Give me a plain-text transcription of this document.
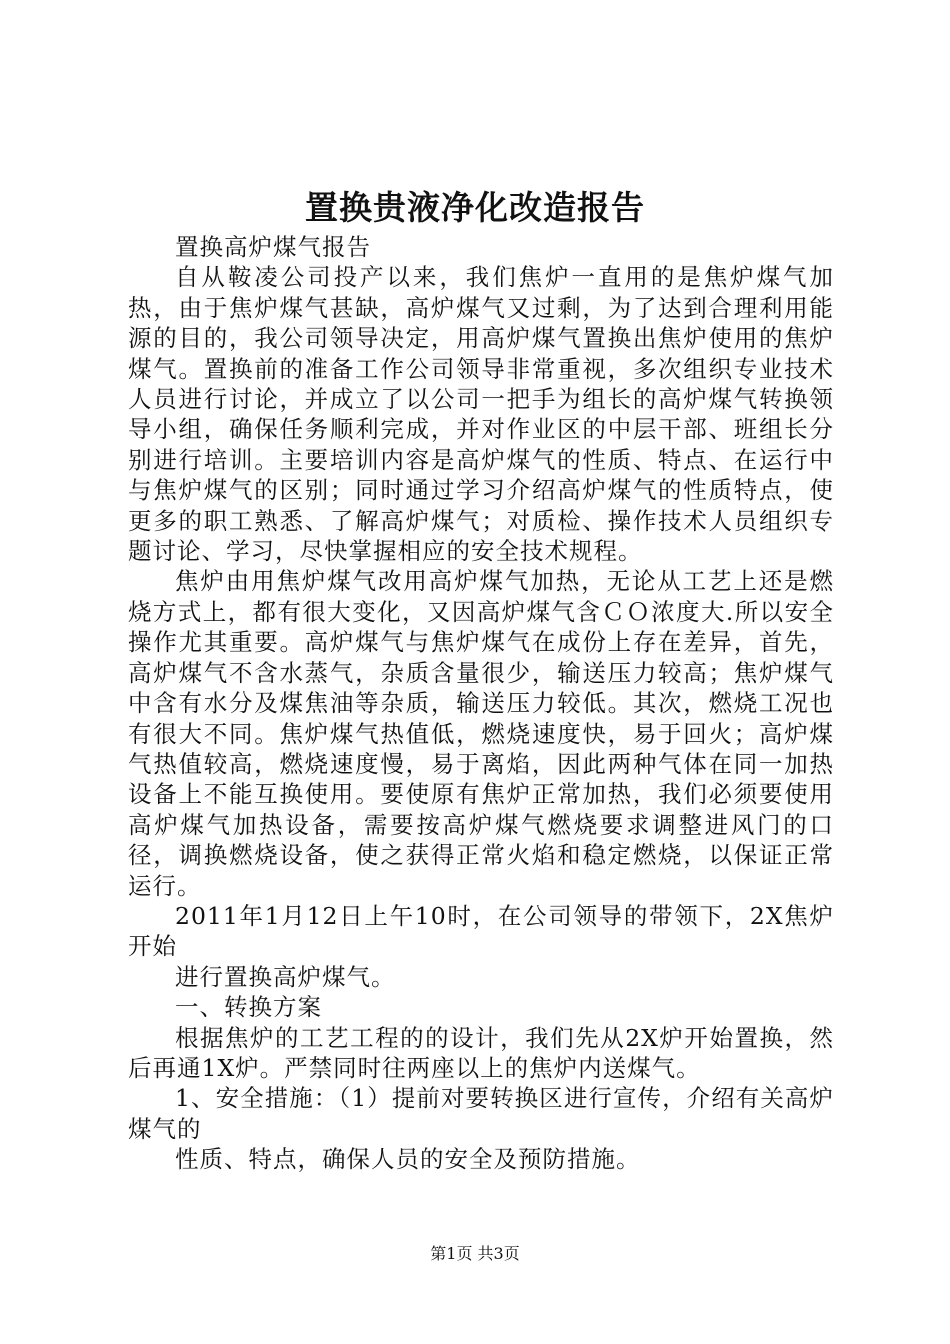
置换贵液净化改造报告

置换高炉煤气报告

自从鞍凌公司投产以来，我们焦炉一直用的是焦炉煤气加热，由于焦炉煤气甚缺，高炉煤气又过剩，为了达到合理利用能源的目的，我公司领导决定，用高炉煤气置换出焦炉使用的焦炉煤气。置换前的准备工作公司领导非常重视，多次组织专业技术人员进行讨论，并成立了以公司一把手为组长的高炉煤气转换领导小组，确保任务顺利完成，并对作业区的中层干部、班组长分别进行培训。主要培训内容是高炉煤气的性质、特点、在运行中与焦炉煤气的区别；同时通过学习介绍高炉煤气的性质特点，使更多的职工熟悉、了解高炉煤气；对质检、操作技术人员组织专题讨论、学习，尽快掌握相应的安全技术规程。

焦炉由用焦炉煤气改用高炉煤气加热，无论从工艺上还是燃烧方式上，都有很大变化，又因高炉煤气含ＣＯ浓度大.所以安全操作尤其重要。高炉煤气与焦炉煤气在成份上存在差异，首先，高炉煤气不含水蒸气，杂质含量很少，输送压力较高；焦炉煤气中含有水分及煤焦油等杂质，输送压力较低。其次，燃烧工况也有很大不同。焦炉煤气热值低，燃烧速度快，易于回火；高炉煤气热值较高，燃烧速度慢，易于离焰，因此两种气体在同一加热设备上不能互换使用。要使原有焦炉正常加热，我们必须要使用高炉煤气加热设备，需要按高炉煤气燃烧要求调整进风门的口径，调换燃烧设备，使之获得正常火焰和稳定燃烧，以保证正常运行。

2011年1月12日上午10时，在公司领导的带领下，2X焦炉开始

进行置换高炉煤气。

一、转换方案

根据焦炉的工艺工程的的设计，我们先从2X炉开始置换，然后再通1X炉。严禁同时往两座以上的焦炉内送煤气。

1、安全措施：（1）提前对要转换区进行宣传，介绍有关高炉煤气的

性质、特点，确保人员的安全及预防措施。

第1页 共3页
